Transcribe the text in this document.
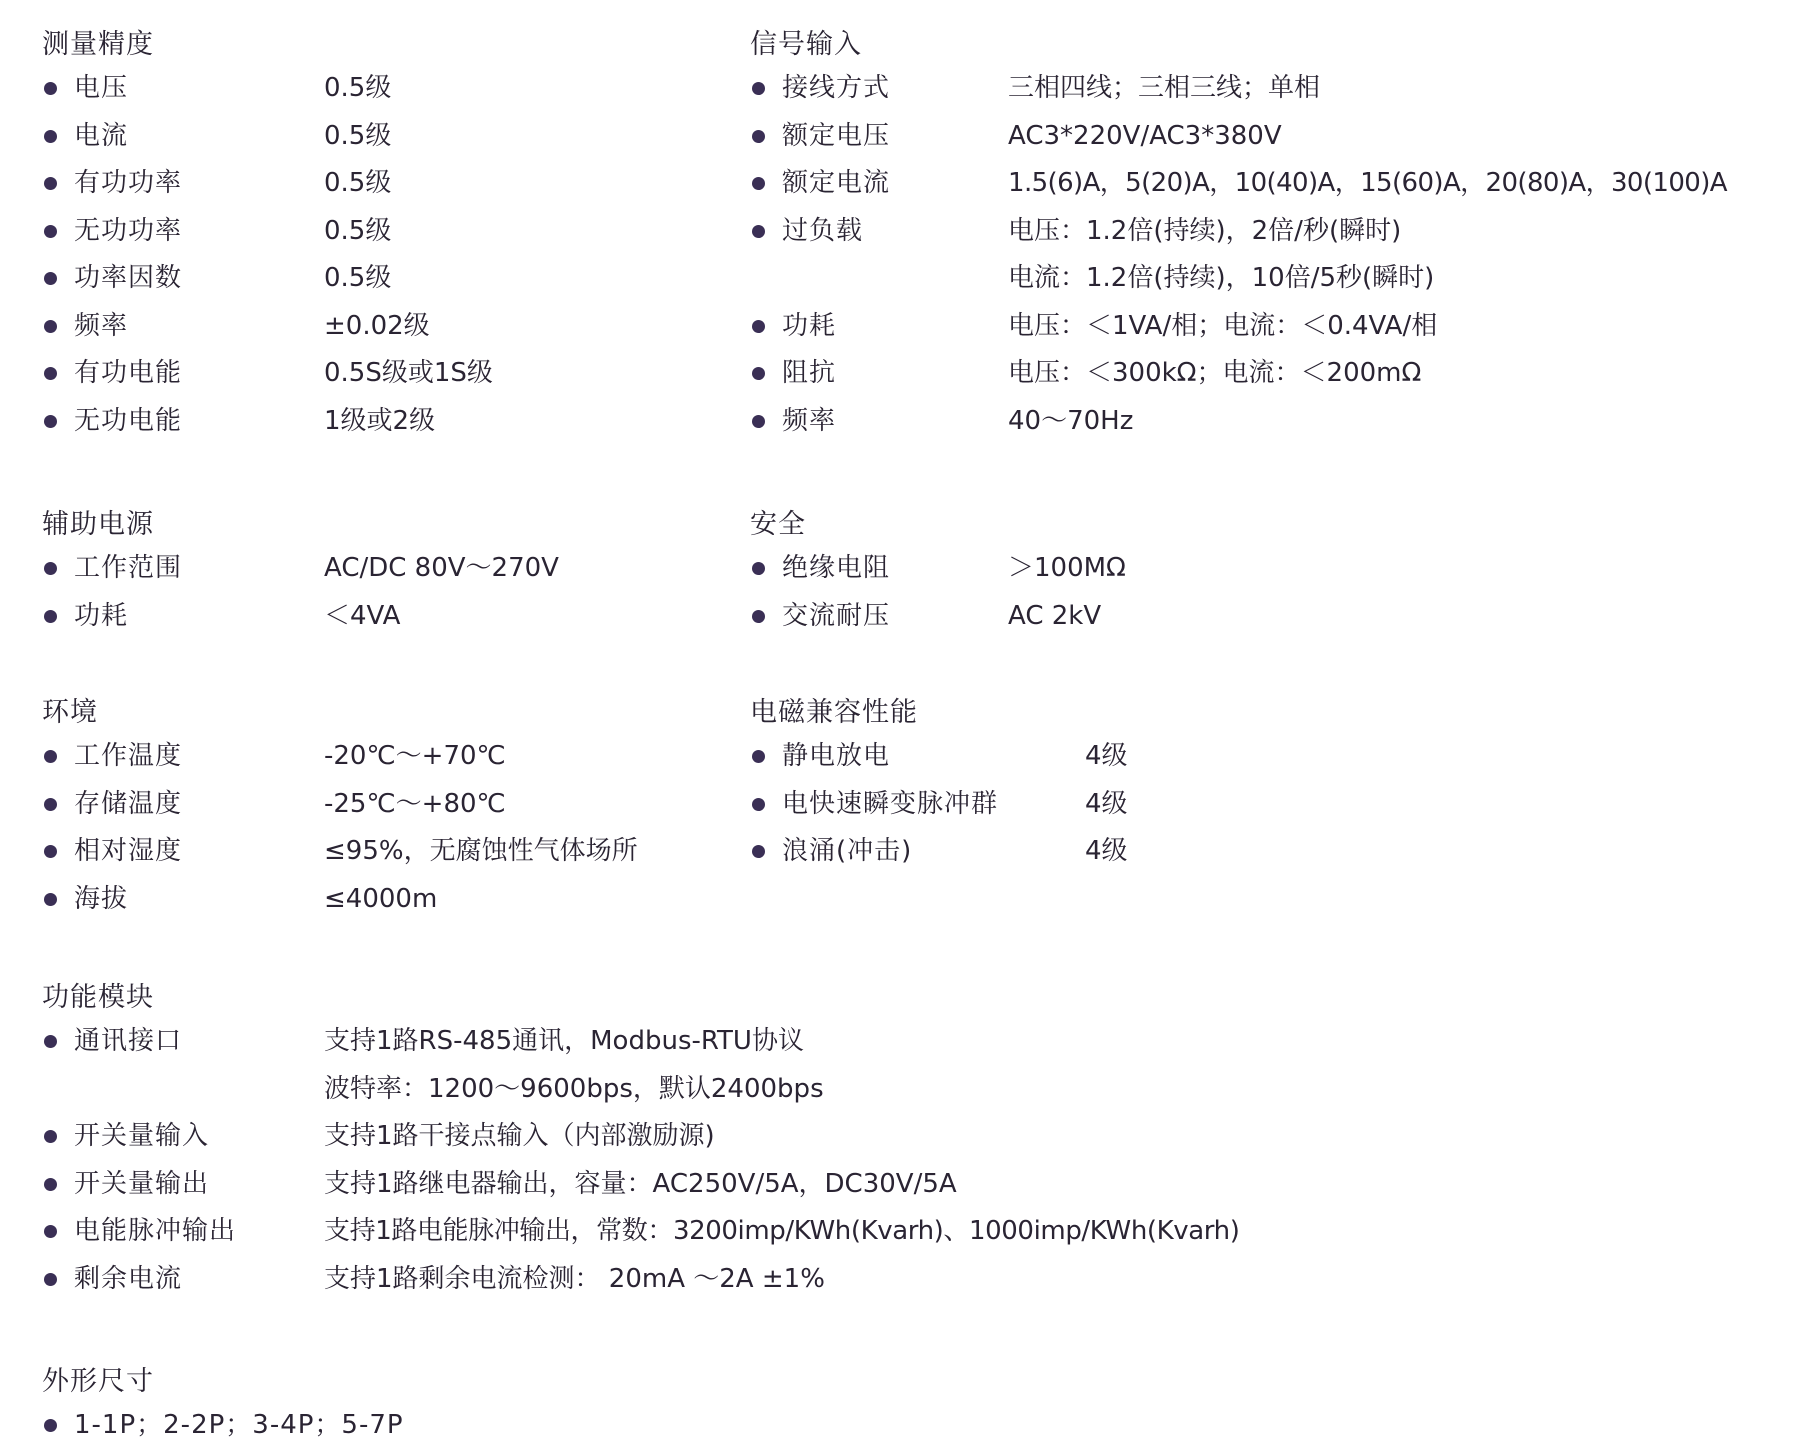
测量精度
电压	0.5级
电流	0.5级
有功功率	0.5级
无功功率	0.5级
功率因数	0.5级
频率	±0.02级
有功电能	0.5S级或1S级
无功电能	1级或2级
信号输入
接线方式	三相四线；三相三线；单相
额定电压	AC3*220V/AC3*380V
额定电流	1.5(6)A，5(20)A，10(40)A，15(60)A，20(80)A，30(100)A
过负载	电压：1.2倍(持续)，2倍/秒(瞬时)
电流：1.2倍(持续)，10倍/5秒(瞬时)
功耗	电压：＜1VA/相；电流：＜0.4VA/相
阻抗	电压：＜300kΩ；电流：＜200mΩ
频率	40～70Hz
辅助电源
工作范围	AC/DC 80V～270V
功耗	＜4VA
安全
绝缘电阻	＞100MΩ
交流耐压	AC 2kV
环境
工作温度	-20℃～+70℃
存储温度	-25℃～+80℃
相对湿度	≤95%，无腐蚀性气体场所
海拔	≤4000m
电磁兼容性能
静电放电	4级
电快速瞬变脉冲群	4级
浪涌(冲击)	4级
功能模块
通讯接口	支持1路RS-485通讯，Modbus-RTU协议
波特率：1200～9600bps，默认2400bps
开关量输入	支持1路干接点输入（内部激励源)
开关量输出	支持1路继电器输出，容量：AC250V/5A，DC30V/5A
电能脉冲输出	支持1路电能脉冲输出，常数：3200imp/KWh(Kvarh)、1000imp/KWh(Kvarh)
剩余电流	支持1路剩余电流检测： 20mA ～2A ±1%
外形尺寸
1-1P；2-2P；3-4P；5-7P
